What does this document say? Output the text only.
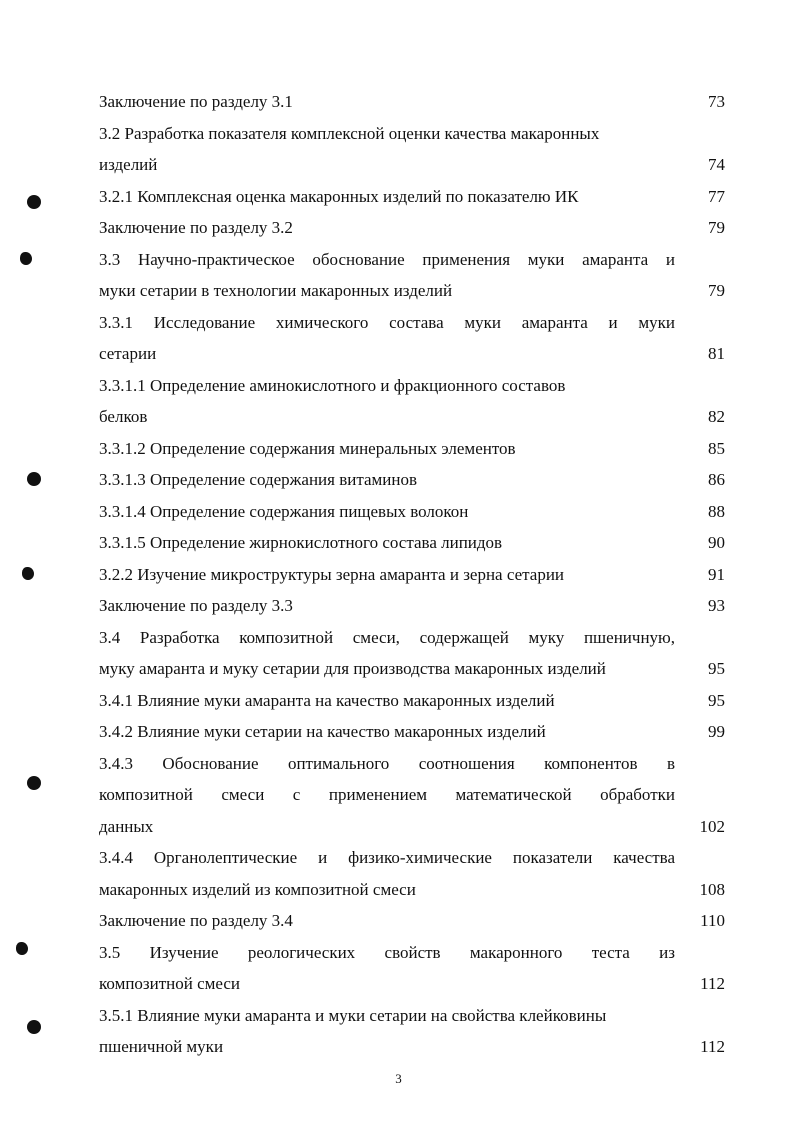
Заключение по разделу 3.1	73
3.2 Разработка показателя комплексной оценки качества макаронных
изделий	74
3.2.1 Комплексная оценка макаронных изделий по показателю ИК	77
Заключение по разделу 3.2	79
3.3 Научно-практическое обоснование применения муки амаранта и
муки сетарии в технологии макаронных изделий	79
3.3.1 Исследование химического состава муки амаранта и муки
сетарии	81
3.3.1.1 Определение аминокислотного и фракционного составов
белков	82
3.3.1.2 Определение содержания минеральных элементов	85
3.3.1.3 Определение содержания витаминов	86
3.3.1.4 Определение содержания пищевых волокон	88
3.3.1.5 Определение жирнокислотного состава липидов	90
3.2.2 Изучение микроструктуры зерна амаранта и зерна сетарии	91
Заключение по разделу 3.3	93
3.4 Разработка композитной смеси, содержащей муку пшеничную,
муку амаранта и муку сетарии для производства макаронных изделий	95
3.4.1 Влияние муки амаранта на качество макаронных изделий	95
3.4.2 Влияние муки сетарии на качество макаронных изделий	99
3.4.3 Обоснование оптимального соотношения компонентов в
композитной смеси с применением математической обработки
данных	102
3.4.4 Органолептические и физико-химические показатели качества
макаронных изделий из композитной смеси	108
Заключение по разделу 3.4	110
3.5 Изучение реологических свойств макаронного теста из
композитной смеси	112
3.5.1 Влияние муки амаранта и муки сетарии на свойства клейковины
пшеничной муки	112
3
